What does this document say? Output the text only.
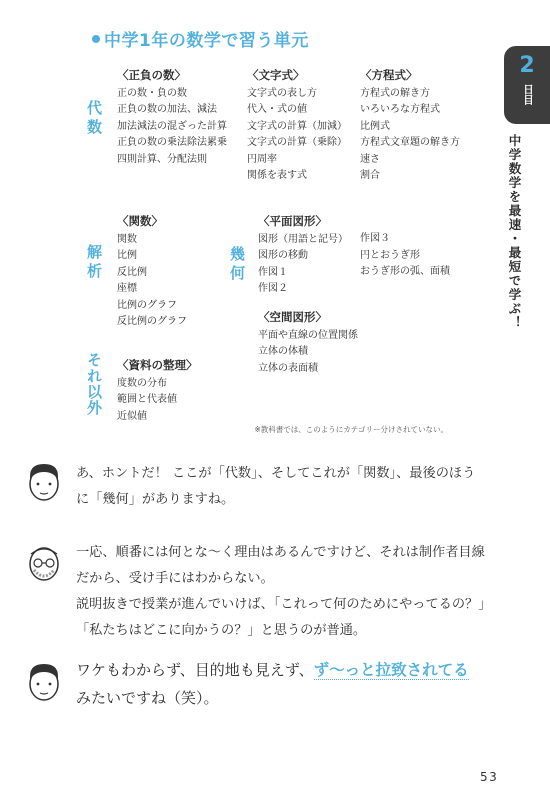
中学1年の数学で習う単元
代数
解析	幾何
それ以外
〈正負の数〉
正の数・負の数
正負の数の加法、減法
加法減法の混ざった計算
正負の数の乗法除法累乗
四則計算、分配法則
〈文字式〉
文字式の表し方
代入・式の値
文字式の計算（加減）
文字式の計算（乗除）
円周率
関係を表す式
〈方程式〉
方程式の解き方
いろいろな方程式
比例式
方程式文章題の解き方
速さ
割合
〈関数〉
関数
比例
反比例
座標
比例のグラフ
反比例のグラフ
〈平面図形〉
図形（用語と記号）
図形の移動
作図１
作図２
作図３
円とおうぎ形
おうぎ形の弧、面積
〈空間図形〉
平面や直線の位置関係
立体の体積
立体の表面積
〈資料の整理〉
度数の分布
範囲と代表値
近似値
※教科書では、このようにカテゴリー分けされていない。
2
日目
中学数学を最速・最短で学ぶ！
あ、ホントだ！ ここが「代数」、そしてこれが「関数」、最後のほうに「幾何」がありますね。
一応、順番には何とな〜く理由はあるんですけど、それは制作者目線だから、受け手にはわからない。
説明抜きで授業が進んでいけば、「これって何のためにやってるの？」「私たちはどこに向かうの？」と思うのが普通。
ワケもわからず、目的地も見えず、ず〜っと拉致されてる
みたいですね（笑）。
53
